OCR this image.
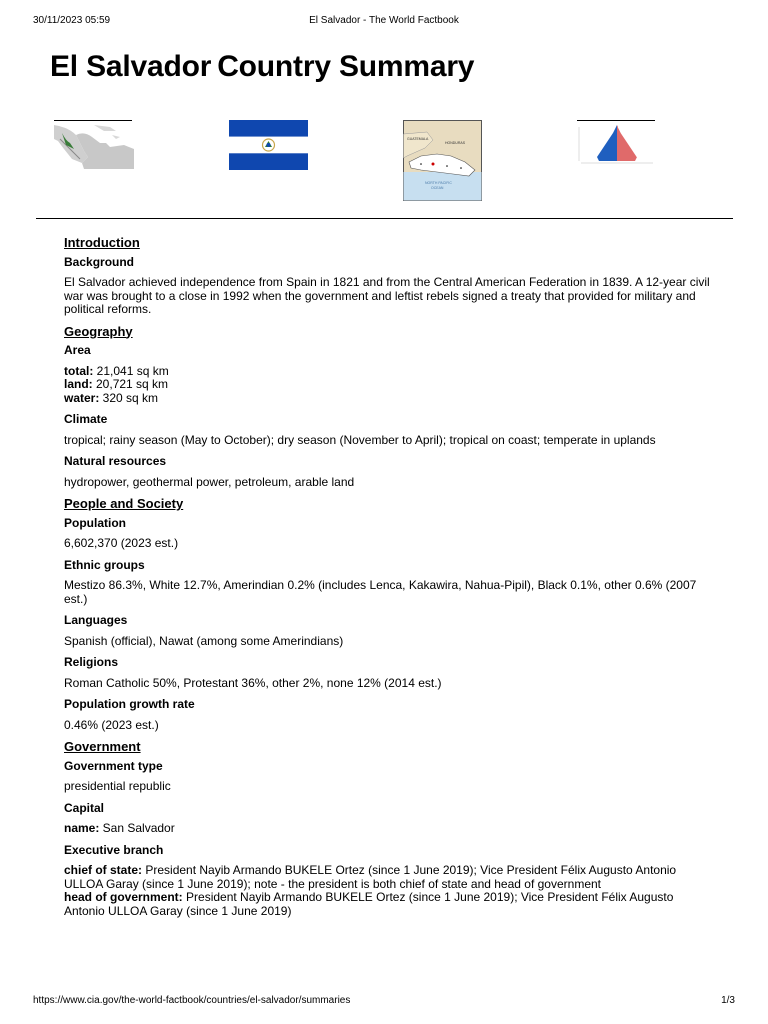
30/11/2023 05:59	El Salvador - The World Factbook
El Salvador Country Summary
GUATEMALA
HONDURAS
NORTH PACIFIC
OCEAN
Introduction
Background
El Salvador achieved independence from Spain in 1821 and from the Central American Federation in 1839. A 12-year civil war was brought to a close in 1992 when the government and leftist rebels signed a treaty that provided for military and political reforms.
Geography
Area
total: 21,041 sq km
land: 20,721 sq km
water: 320 sq km
Climate
tropical; rainy season (May to October); dry season (November to April); tropical on coast; temperate in uplands
Natural resources
hydropower, geothermal power, petroleum, arable land
People and Society
Population
6,602,370 (2023 est.)
Ethnic groups
Mestizo 86.3%, White 12.7%, Amerindian 0.2% (includes Lenca, Kakawira, Nahua-Pipil), Black 0.1%, other 0.6% (2007 est.)
Languages
Spanish (official), Nawat (among some Amerindians)
Religions
Roman Catholic 50%, Protestant 36%, other 2%, none 12% (2014 est.)
Population growth rate
0.46% (2023 est.)
Government
Government type
presidential republic
Capital
name: San Salvador
Executive branch
chief of state: President Nayib Armando BUKELE Ortez (since 1 June 2019); Vice President Félix Augusto Antonio ULLOA Garay (since 1 June 2019); note - the president is both chief of state and head of government
head of government: President Nayib Armando BUKELE Ortez (since 1 June 2019); Vice President Félix Augusto Antonio ULLOA Garay (since 1 June 2019)
https://www.cia.gov/the-world-factbook/countries/el-salvador/summaries	1/3
